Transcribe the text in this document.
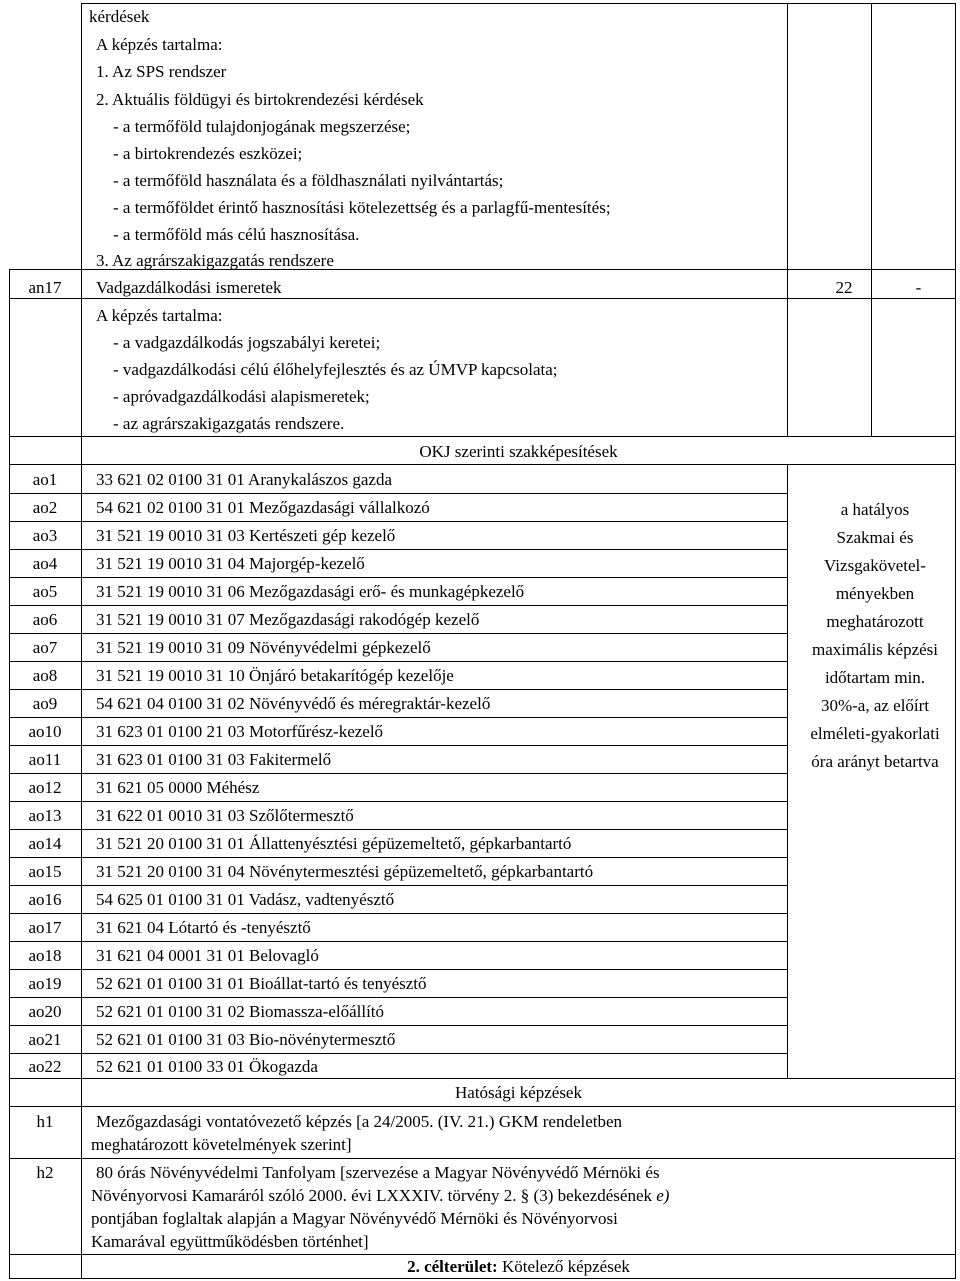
kérdések
A képzés tartalma:
1. Az SPS rendszer
2. Aktuális földügyi és birtokrendezési kérdések
- a termőföld tulajdonjogának megszerzése;
- a birtokrendezés eszközei;
- a termőföld használata és a földhasználati nyilvántartás;
- a termőföldet érintő hasznosítási kötelezettség és a parlagfű-mentesítés;
- a termőföld más célú hasznosítása.
3. Az agrárszakigazgatás rendszere
an17	Vadgazdálkodási ismeretek	22	-
A képzés tartalma:
- a vadgazdálkodás jogszabályi keretei;
- vadgazdálkodási célú élőhelyfejlesztés és az ÚMVP kapcsolata;
- apróvadgazdálkodási alapismeretek;
- az agrárszakigazgatás rendszere.
OKJ szerinti szakképesítések
ao1	33 621 02 0100 31 01 Aranykalászos gazda
ao2	54 621 02 0100 31 01 Mezőgazdasági vállalkozó
ao3	31 521 19 0010 31 03 Kertészeti gép kezelő
ao4	31 521 19 0010 31 04 Majorgép-kezelő
ao5	31 521 19 0010 31 06 Mezőgazdasági erő- és munkagépkezelő
ao6	31 521 19 0010 31 07 Mezőgazdasági rakodógép kezelő
ao7	31 521 19 0010 31 09 Növényvédelmi gépkezelő
ao8	31 521 19 0010 31 10 Önjáró betakarítógép kezelője
ao9	54 621 04 0100 31 02 Növényvédő és méregraktár-kezelő
ao10	31 623 01 0100 21 03 Motorfűrész-kezelő
ao11	31 623 01 0100 31 03 Fakitermelő
ao12	31 621 05 0000 Méhész
ao13	31 622 01 0010 31 03 Szőlőtermesztő
ao14	31 521 20 0100 31 01 Állattenyésztési gépüzemeltető, gépkarbantartó
ao15	31 521 20 0100 31 04 Növénytermesztési gépüzemeltető, gépkarbantartó
ao16	54 625 01 0100 31 01 Vadász, vadtenyésztő
ao17	31 621 04 Lótartó és -tenyésztő
ao18	31 621 04 0001 31 01 Belovagló
ao19	52 621 01 0100 31 01 Bioállat-tartó és tenyésztő
ao20	52 621 01 0100 31 02 Biomassza-előállító
ao21	52 621 01 0100 31 03 Bio-növénytermesztő
ao22	52 621 01 0100 33 01 Ökogazda
a hatályos
Szakmai és
Vizsgakövetel-
ményekben
meghatározott
maximális képzési
időtartam min.
30%-a, az előírt
elméleti-gyakorlati
óra arányt betartva
Hatósági képzések
h1	Mezőgazdasági vontatóvezető képzés [a 24/2005. (IV. 21.) GKM rendeletben
meghatározott követelmények szerint]
h2	80 órás Növényvédelmi Tanfolyam [szervezése a Magyar Növényvédő Mérnöki és
Növényorvosi Kamaráról szóló 2000. évi LXXXIV. törvény 2. § (3) bekezdésének e)
pontjában foglaltak alapján a Magyar Növényvédő Mérnöki és Növényorvosi
Kamarával együttműködésben történhet]
2. célterület: Kötelező képzések
